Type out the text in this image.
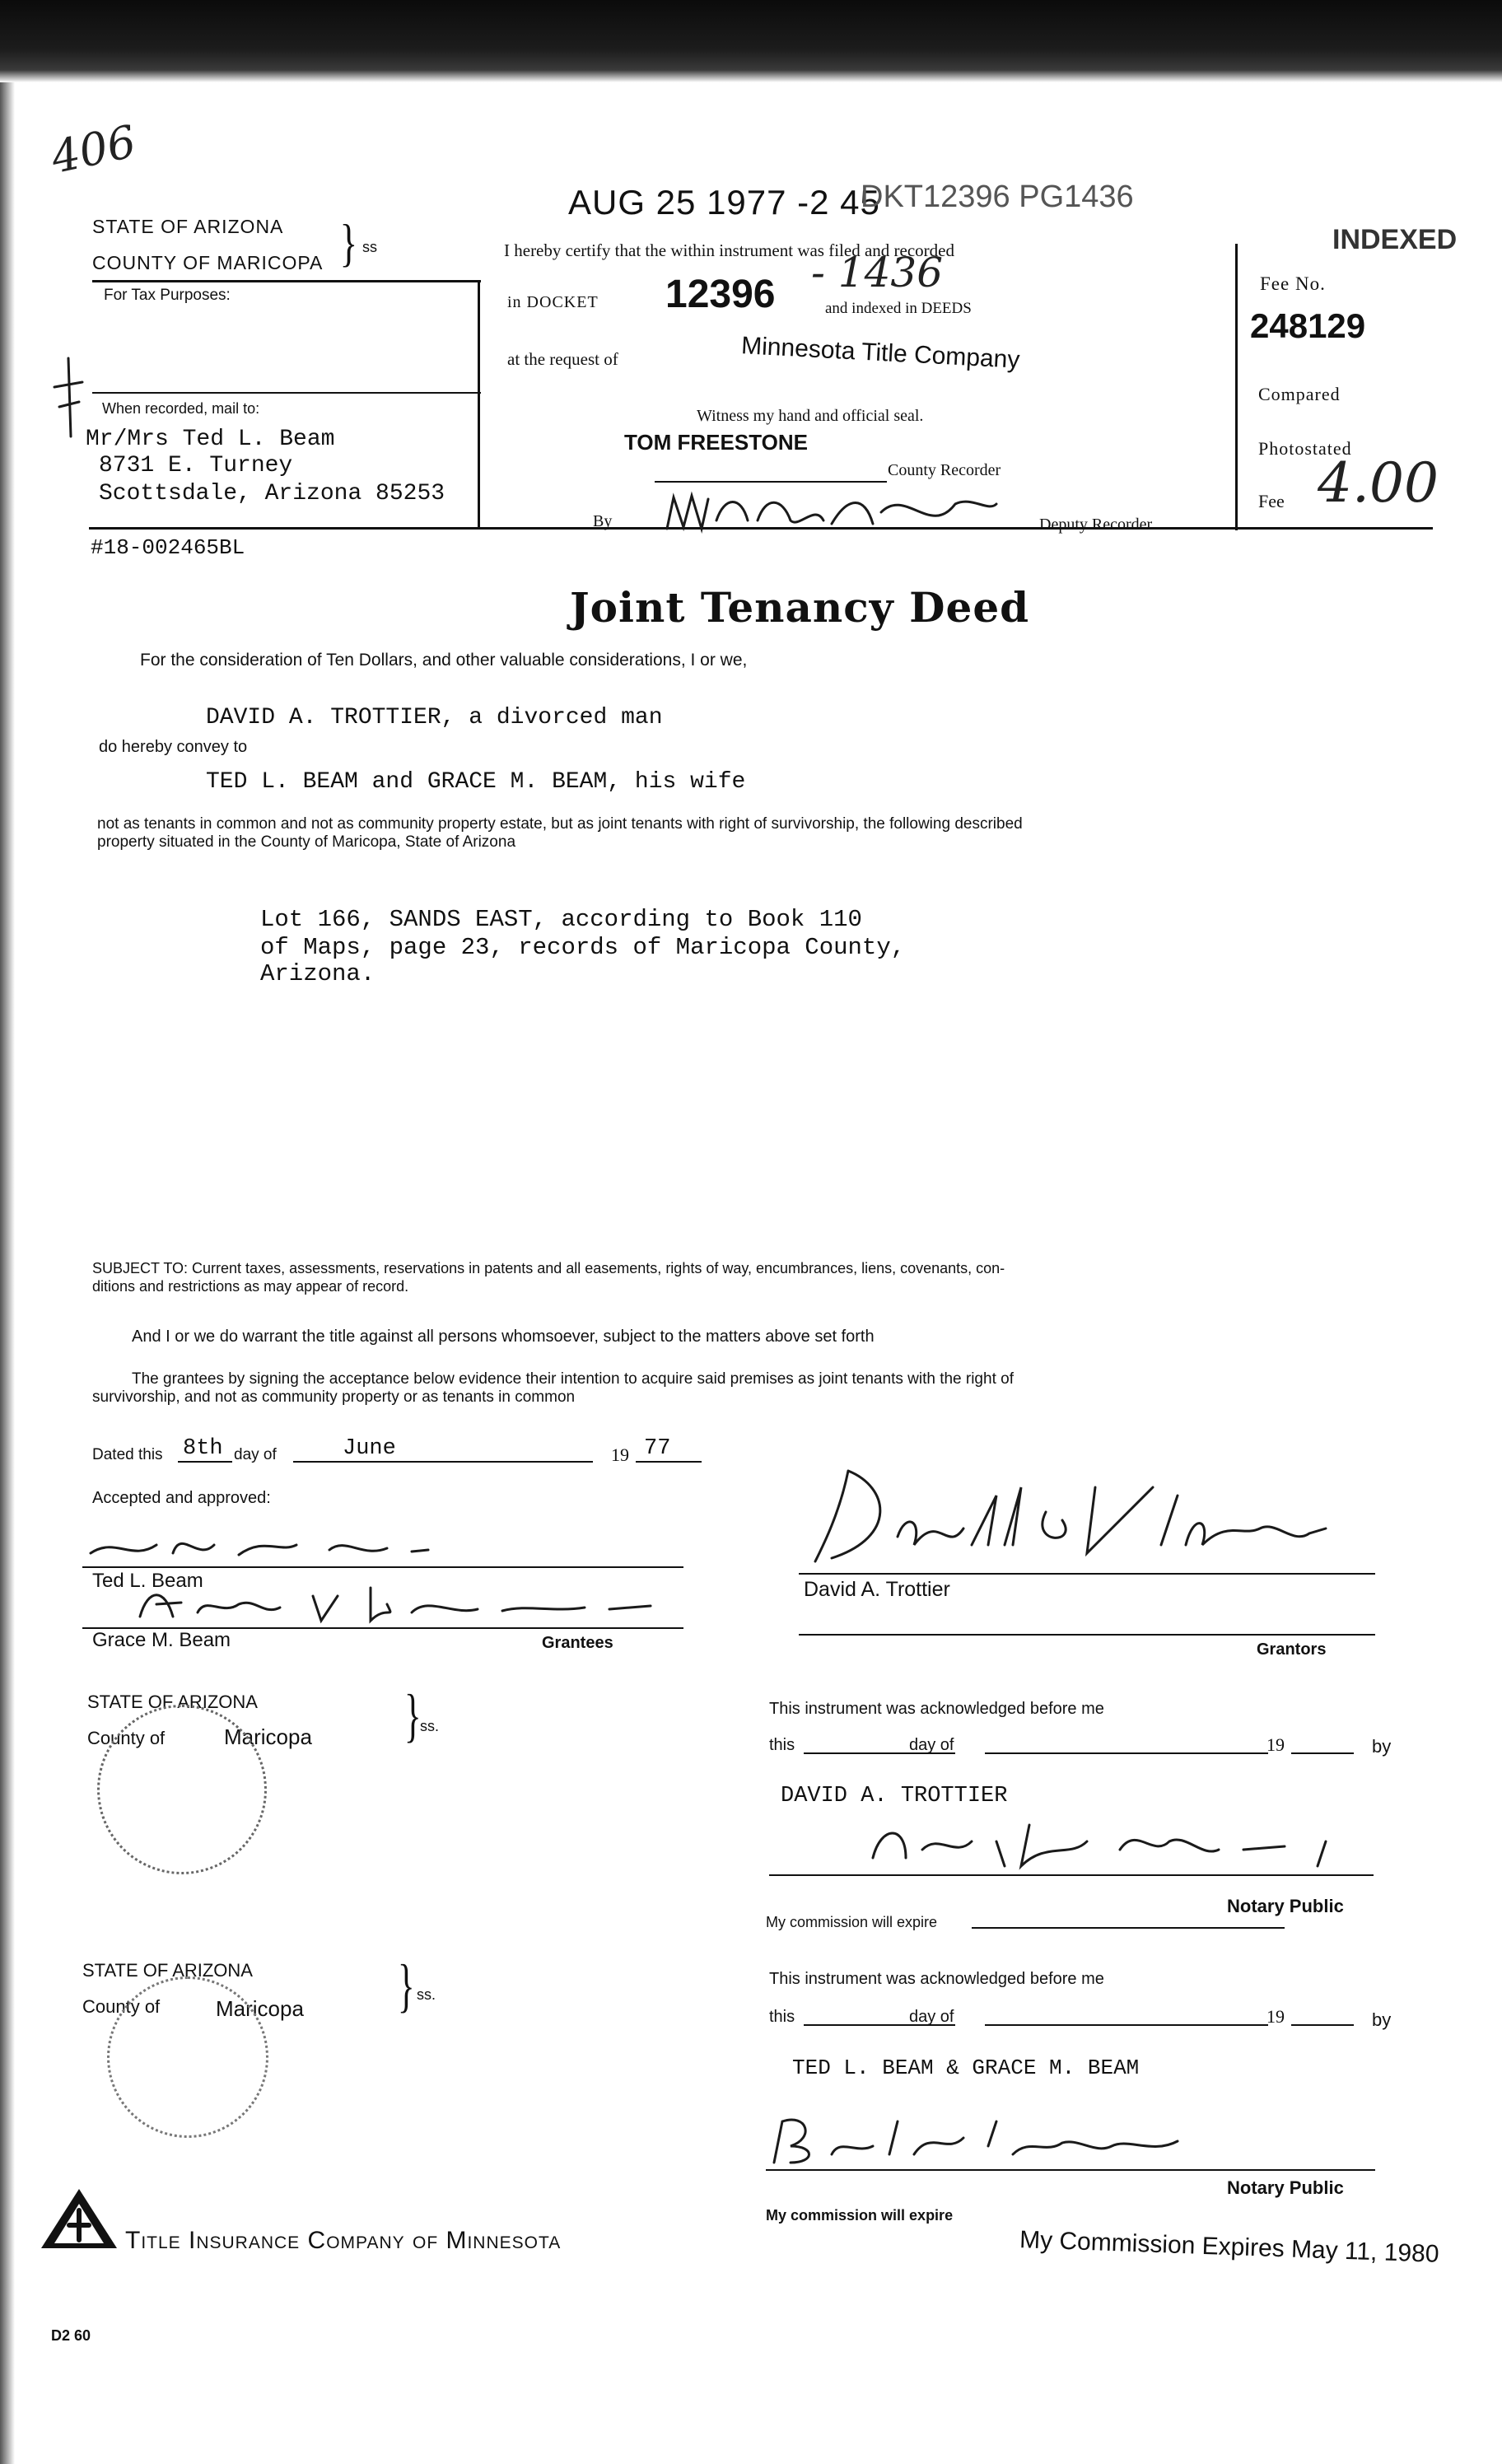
406
STATE OF ARIZONA
COUNTY OF MARICOPA } ss
For Tax Purposes:
When recorded, mail to:
Mr/Mrs Ted L. Beam
8731 E. Turney
Scottsdale, Arizona 85253
#18-002465BL
AUG 25 1977 -2 45
DKT12396 PG1436
I hereby certify that the within instrument was filed and recorded
in DOCKET 12396 - 1436
and indexed in DEEDS
at the request of	Minnesota Title Company
Witness my hand and official seal.
TOM FREESTONE
County Recorder
By	Deputy Recorder
INDEXED
Fee No.
248129
Compared
Photostated
Fee 4.00
Joint Tenancy Deed
For the consideration of Ten Dollars, and other valuable considerations, I or we,
DAVID A. TROTTIER, a divorced man
do hereby convey to
TED L. BEAM and GRACE M. BEAM, his wife
not as tenants in common and not as community property estate, but as joint tenants with right of survivorship, the following described
property situated in the County of Maricopa, State of Arizona
Lot 166, SANDS EAST, according to Book 110
of Maps, page 23, records of Maricopa County,
Arizona.
SUBJECT TO: Current taxes, assessments, reservations in patents and all easements, rights of way, encumbrances, liens, covenants, con-
ditions and restrictions as may appear of record.
And I or we do warrant the title against all persons whomsoever, subject to the matters above set forth
The grantees by signing the acceptance below evidence their intention to acquire said premises as joint tenants with the right of
survivorship, and not as community property or as tenants in common
Dated this 8th day of	June	19 77
Accepted and approved:
Ted L. Beam
Grace M. Beam	Grantees
David A. Trottier
Grantors
STATE OF ARIZONA
County of	Maricopa }
ss.
This instrument was acknowledged before me
this	day of	19	by
DAVID A. TROTTIER
Notary Public
My commission will expire
STATE OF ARIZONA
County of	Maricopa } ss.
This instrument was acknowledged before me
this	day of	19	by
TED L. BEAM & GRACE M. BEAM
Notary Public
My commission will expire
My Commission Expires May 11, 1980
Title Insurance Company of Minnesota
D2 60
